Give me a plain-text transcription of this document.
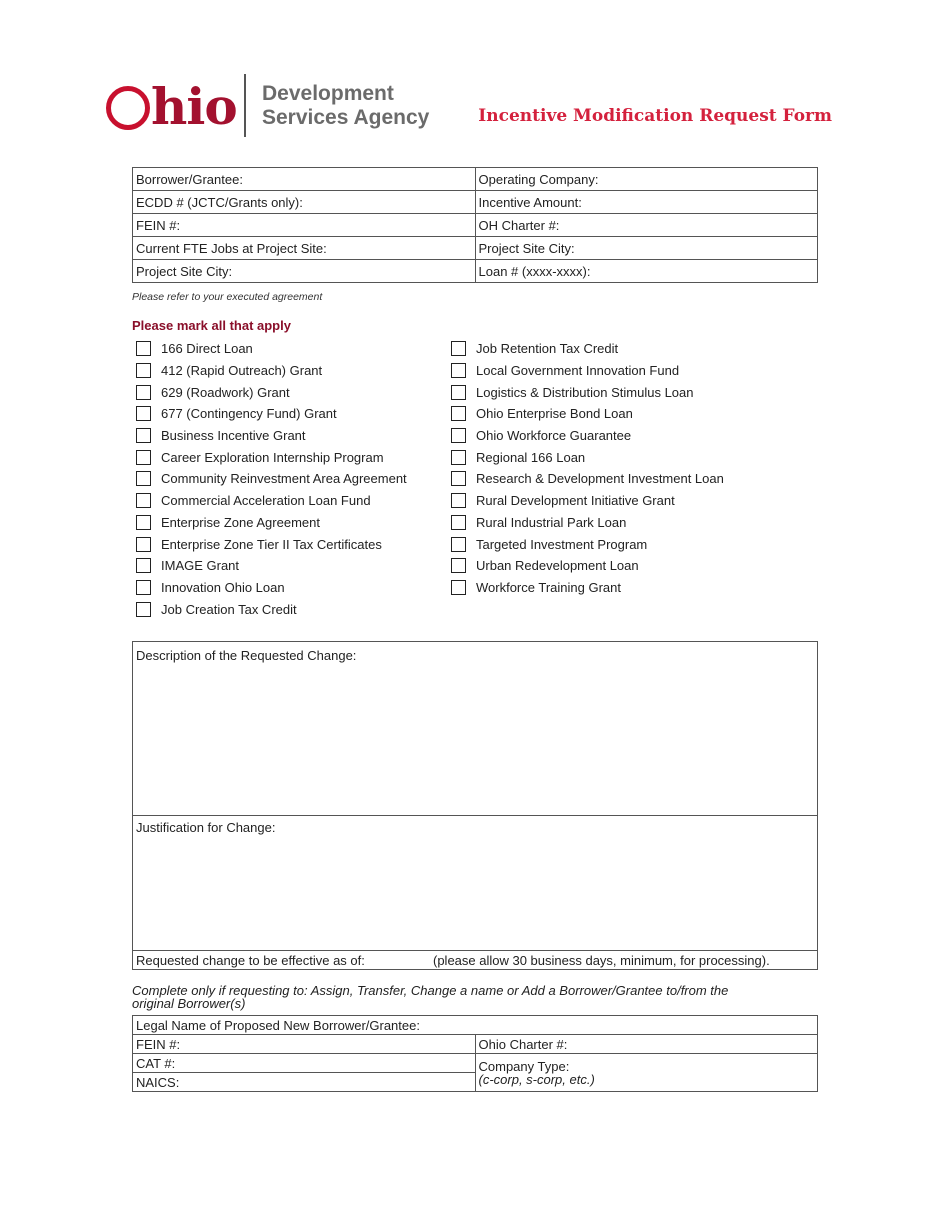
hio Development
Services Agency	Incentive Modification Request Form
Borrower/Grantee:	Operating Company:
ECDD # (JCTC/Grants only):	Incentive Amount:
FEIN #:	OH Charter #:
Current FTE Jobs at Project Site:	Project Site City:
Project Site City:	Loan # (xxxx-xxxx):
Please refer to your executed agreement
Please mark all that apply
166 Direct Loan
412 (Rapid Outreach) Grant
629 (Roadwork) Grant
677 (Contingency Fund) Grant
Business Incentive Grant
Career Exploration Internship Program
Community Reinvestment Area Agreement
Commercial Acceleration Loan Fund
Enterprise Zone Agreement
Enterprise Zone Tier II Tax Certificates
IMAGE Grant
Innovation Ohio Loan
Job Creation Tax Credit
Job Retention Tax Credit
Local Government Innovation Fund
Logistics & Distribution Stimulus Loan
Ohio Enterprise Bond Loan
Ohio Workforce Guarantee
Regional 166 Loan
Research & Development Investment Loan
Rural Development Initiative Grant
Rural Industrial Park Loan
Targeted Investment Program
Urban Redevelopment Loan
Workforce Training Grant
Description of the Requested Change:
Justification for Change:
Requested change to be effective as of:	(please allow 30 business days, minimum, for processing).
Complete only if requesting to: Assign, Transfer, Change a name or Add a Borrower/Grantee to/from the original Borrower(s)
Legal Name of Proposed New Borrower/Grantee:	
FEIN #:	Ohio Charter #:
CAT #:	Company Type:
(c-corp, s-corp, etc.)

NAICS:	
